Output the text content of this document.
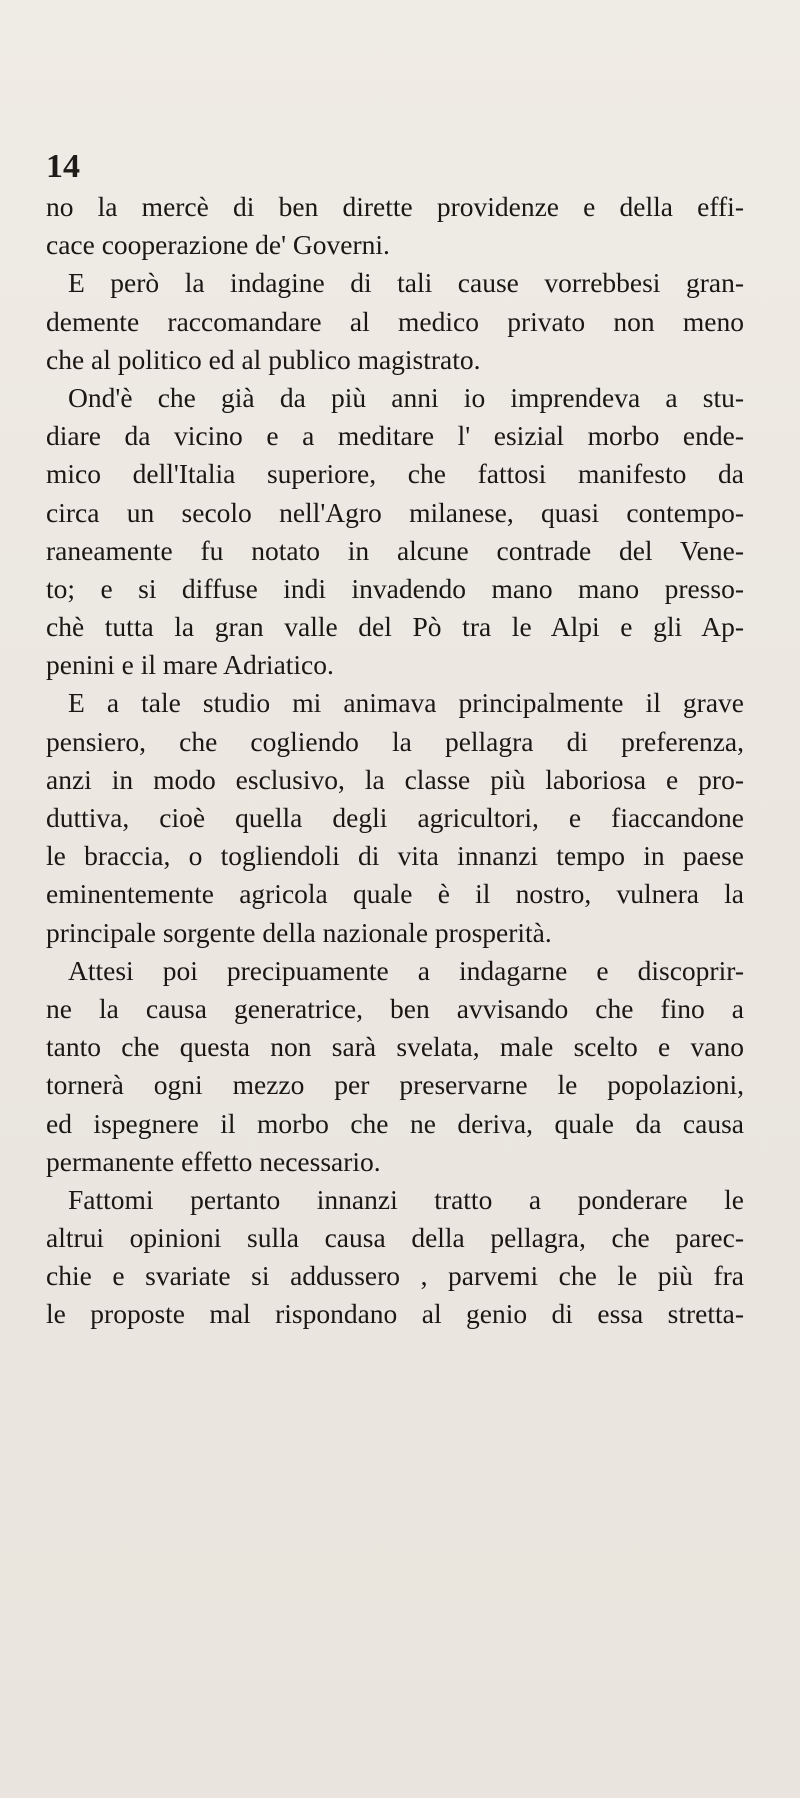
14
no la mercè di ben dirette providenze e della effi-
cace cooperazione de' Governi.
E però la indagine di tali cause vorrebbesi gran-
demente raccomandare al medico privato non meno
che al politico ed al publico magistrato.
Ond'è che già da più anni io imprendeva a stu-
diare da vicino e a meditare l' esizial morbo ende-
mico dell'Italia superiore, che fattosi manifesto da
circa un secolo nell'Agro milanese, quasi contempo-
raneamente fu notato in alcune contrade del Vene-
to; e si diffuse indi invadendo mano mano presso-
chè tutta la gran valle del Pò tra le Alpi e gli Ap-
penini e il mare Adriatico.
E a tale studio mi animava principalmente il grave
pensiero, che cogliendo la pellagra di preferenza,
anzi in modo esclusivo, la classe più laboriosa e pro-
duttiva, cioè quella degli agricultori, e fiaccandone
le braccia, o togliendoli di vita innanzi tempo in paese
eminentemente agricola quale è il nostro, vulnera la
principale sorgente della nazionale prosperità.
Attesi poi precipuamente a indagarne e discoprir-
ne la causa generatrice, ben avvisando che fino a
tanto che questa non sarà svelata, male scelto e vano
tornerà ogni mezzo per preservarne le popolazioni,
ed ispegnere il morbo che ne deriva, quale da causa
permanente effetto necessario.
Fattomi pertanto innanzi tratto a ponderare le
altrui opinioni sulla causa della pellagra, che parec-
chie e svariate si addussero , parvemi che le più fra
le proposte mal rispondano al genio di essa stretta-
